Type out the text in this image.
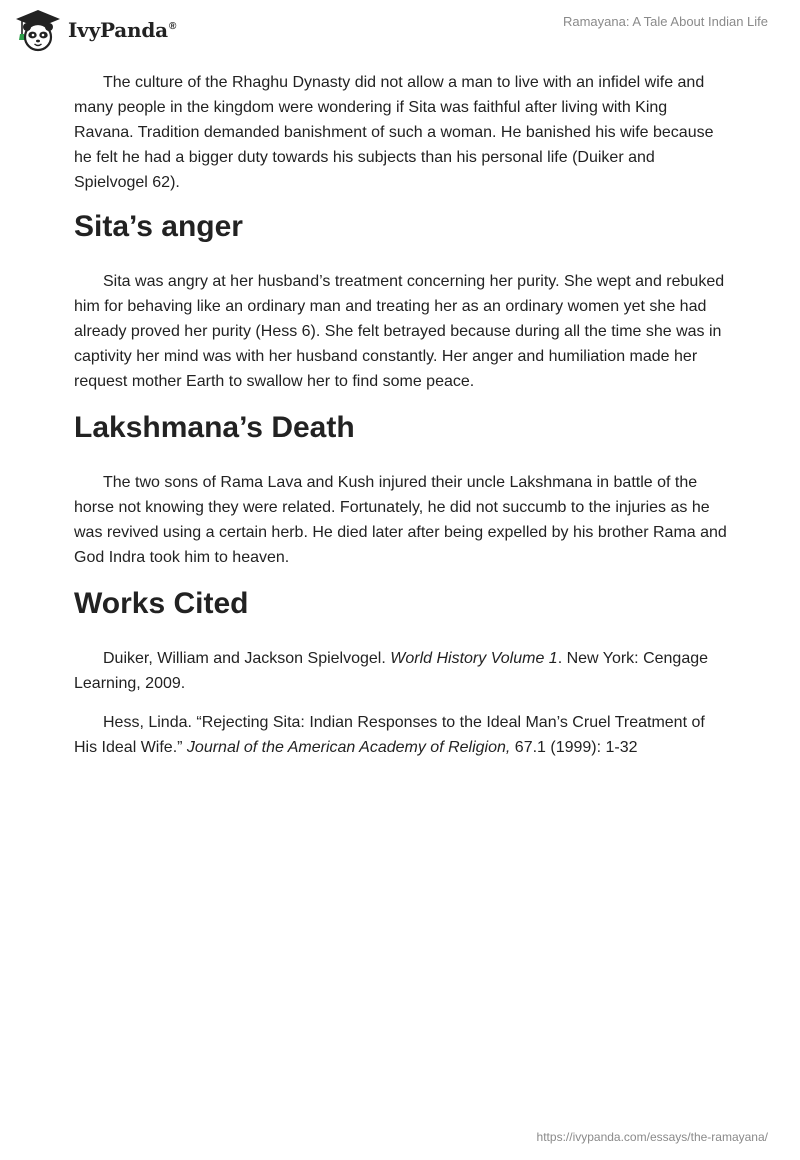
IvyPanda®	Ramayana: A Tale About Indian Life

The culture of the Rhaghu Dynasty did not allow a man to live with an infidel wife and many people in the kingdom were wondering if Sita was faithful after living with King Ravana. Tradition demanded banishment of such a woman. He banished his wife because he felt he had a bigger duty towards his subjects than his personal life (Duiker and Spielvogel 62).

Sita’s anger

Sita was angry at her husband’s treatment concerning her purity. She wept and rebuked him for behaving like an ordinary man and treating her as an ordinary women yet she had already proved her purity (Hess 6). She felt betrayed because during all the time she was in captivity her mind was with her husband constantly. Her anger and humiliation made her request mother Earth to swallow her to find some peace.

Lakshmana’s Death

The two sons of Rama Lava and Kush injured their uncle Lakshmana in battle of the horse not knowing they were related. Fortunately, he did not succumb to the injuries as he was revived using a certain herb. He died later after being expelled by his brother Rama and God Indra took him to heaven.

Works Cited

Duiker, William and Jackson Spielvogel. World History Volume 1. New York: Cengage Learning, 2009.

Hess, Linda. “Rejecting Sita: Indian Responses to the Ideal Man’s Cruel Treatment of His Ideal Wife.” Journal of the American Academy of Religion, 67.1 (1999): 1-32

https://ivypanda.com/essays/the-ramayana/
